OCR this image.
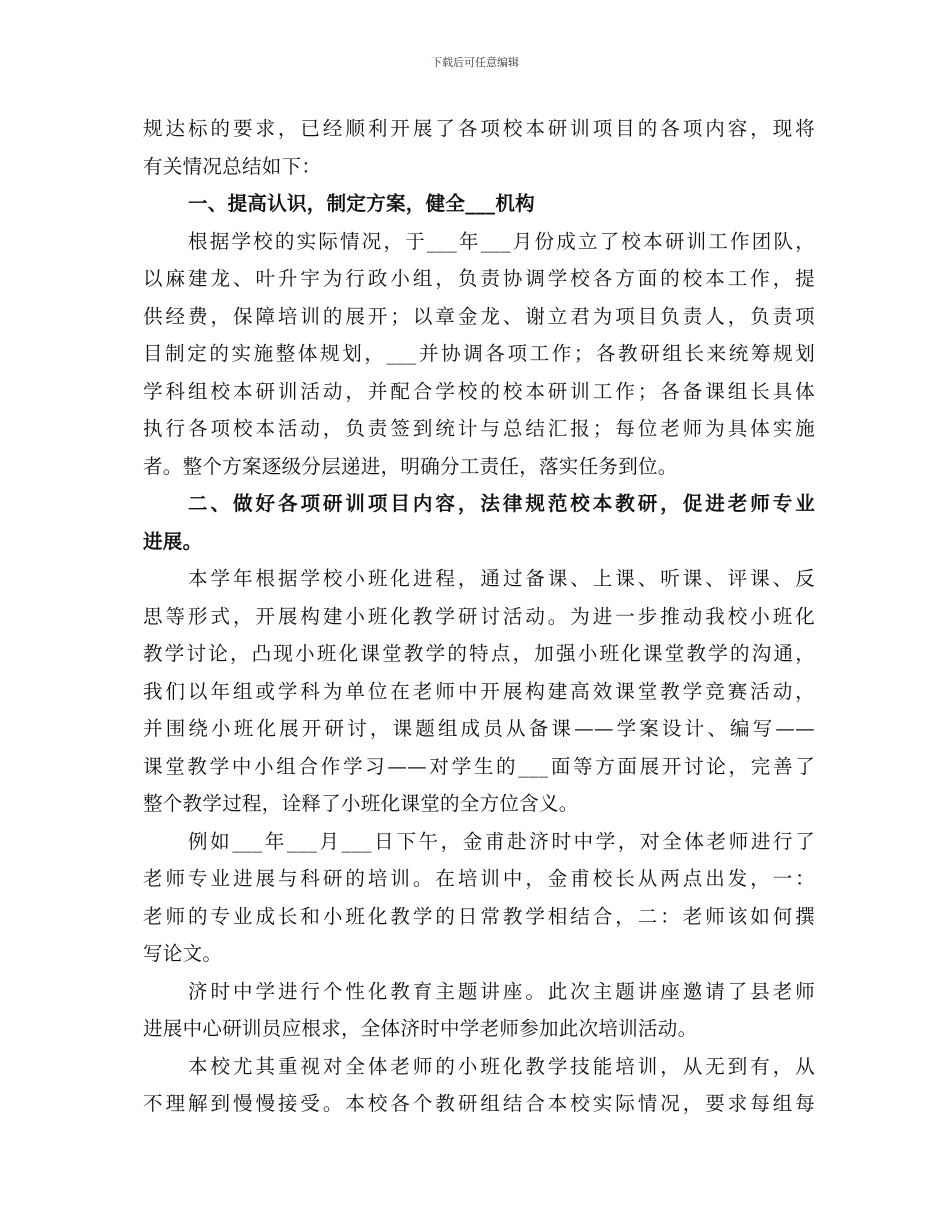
下载后可任意编辑
规达标的要求，已经顺利开展了各项校本研训项目的各项内容，现将
有关情况总结如下：
一、提高认识，制定方案，健全___机构
根据学校的实际情况，于___年___月份成立了校本研训工作团队，
以麻建龙、叶升宇为行政小组，负责协调学校各方面的校本工作，提
供经费，保障培训的展开；以章金龙、谢立君为项目负责人，负责项
目制定的实施整体规划，___并协调各项工作；各教研组长来统筹规划
学科组校本研训活动，并配合学校的校本研训工作；各备课组长具体
执行各项校本活动，负责签到统计与总结汇报；每位老师为具体实施
者。整个方案逐级分层递进，明确分工责任，落实任务到位。
二、做好各项研训项目内容，法律规范校本教研，促进老师专业
进展。
本学年根据学校小班化进程，通过备课、上课、听课、评课、反
思等形式，开展构建小班化教学研讨活动。为进一步推动我校小班化
教学讨论，凸现小班化课堂教学的特点，加强小班化课堂教学的沟通，
我们以年组或学科为单位在老师中开展构建高效课堂教学竞赛活动，
并围绕小班化展开研讨，课题组成员从备课——学案设计、编写——
课堂教学中小组合作学习——对学生的___面等方面展开讨论，完善了
整个教学过程，诠释了小班化课堂的全方位含义。
例如___年___月___日下午，金甫赴济时中学，对全体老师进行了
老师专业进展与科研的培训。在培训中，金甫校长从两点出发，一：
老师的专业成长和小班化教学的日常教学相结合，二：老师该如何撰
写论文。
济时中学进行个性化教育主题讲座。此次主题讲座邀请了县老师
进展中心研训员应根求，全体济时中学老师参加此次培训活动。
本校尤其重视对全体老师的小班化教学技能培训，从无到有，从
不理解到慢慢接受。本校各个教研组结合本校实际情况，要求每组每
